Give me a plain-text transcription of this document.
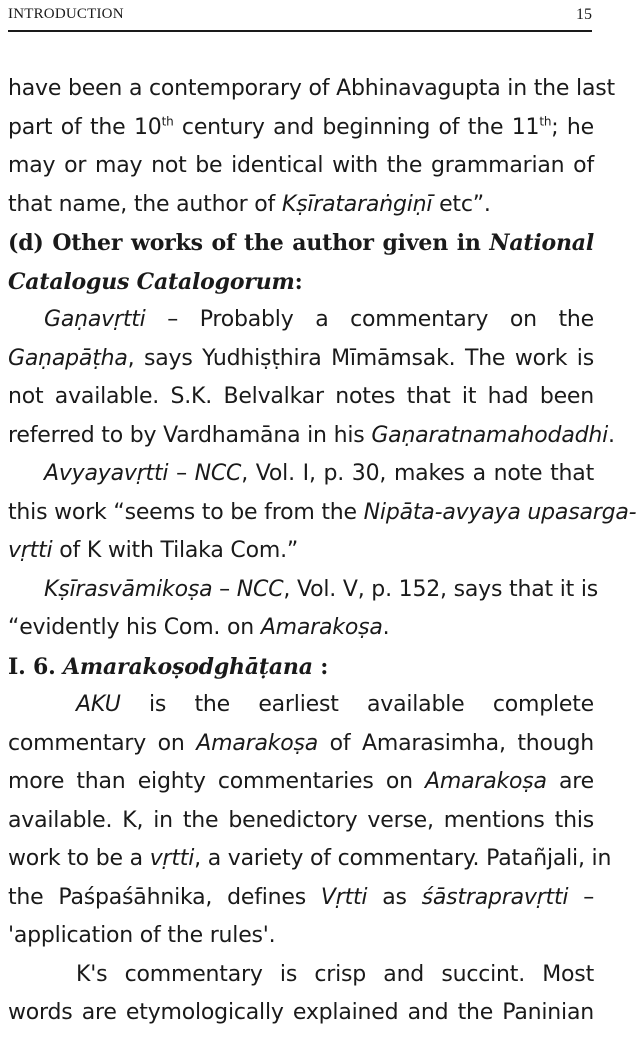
INTRODUCTION	15
have been a contemporary of Abhinavagupta in the last
part of the 10th century and beginning of the 11th; he
may or may not be identical with the grammarian of
that name, the author of Kṣīrataraṅgiṇī etc”.
(d) Other works of the author given in National
Catalogus Catalogorum:
Gaṇavṛtti – Probably a commentary on the
Gaṇapāṭha, says Yudhiṣṭhira Mīmāmsak. The work is
not available. S.K. Belvalkar notes that it had been
referred to by Vardhamāna in his Gaṇaratnamahodadhi.
Avyayavṛtti – NCC, Vol. I, p. 30, makes a note that
this work “seems to be from the Nipāta-avyaya upasarga-
vṛtti of K with Tilaka Com.”
Kṣīrasvāmikoṣa – NCC, Vol. V, p. 152, says that it is
“evidently his Com. on Amarakoṣa.
I. 6. Amarakoṣodghāṭana :
AKU is the earliest available complete
commentary on Amarakoṣa of Amarasimha, though
more than eighty commentaries on Amarakoṣa are
available. K, in the benedictory verse, mentions this
work to be a vṛtti, a variety of commentary. Patañjali, in
the Paśpaśāhnika, defines Vṛtti as śāstrapravṛtti –
'application of the rules'.
K's commentary is crisp and succint. Most
words are etymologically explained and the Paninian
